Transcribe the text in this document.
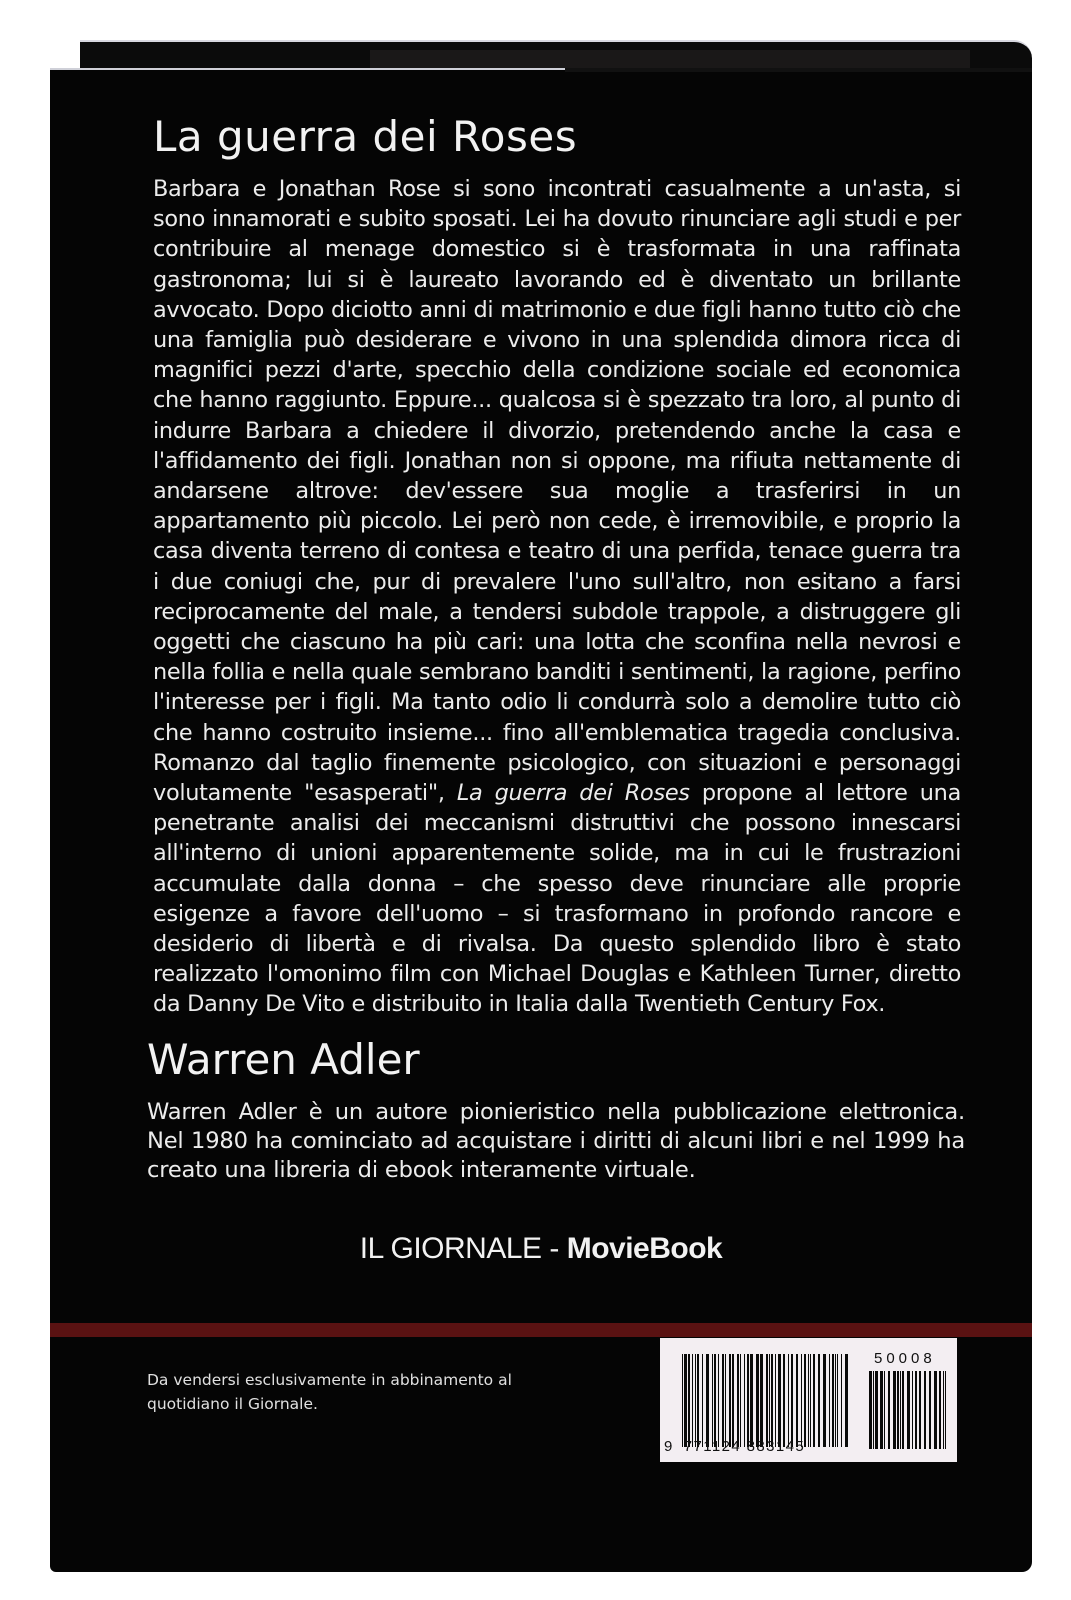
La guerra dei Roses

Barbara e Jonathan Rose si sono incontrati casualmente a un'asta, si sono innamorati e subito sposati. Lei ha dovuto rinunciare agli studi e per contribuire al menage domestico si è trasformata in una raffinata gastronoma; lui si è laureato lavorando ed è diventato un brillante avvocato. Dopo diciotto anni di matrimonio e due figli hanno tutto ciò che una famiglia può desiderare e vivono in una splendida dimora ricca di magnifici pezzi d'arte, specchio della condizione sociale ed economica che hanno raggiunto. Eppure... qualcosa si è spezzato tra loro, al punto di indurre Barbara a chiedere il divorzio, pretendendo anche la casa e l'affidamento dei figli. Jonathan non si oppone, ma rifiuta nettamente di andarsene altrove: dev'essere sua moglie a trasferirsi in un appartamento più piccolo. Lei però non cede, è irremovibile, e proprio la casa diventa terreno di contesa e teatro di una perfida, tenace guerra tra i due coniugi che, pur di prevalere l'uno sull'altro, non esitano a farsi reciprocamente del male, a tendersi subdole trappole, a distruggere gli oggetti che ciascuno ha più cari: una lotta che sconfina nella nevrosi e nella follia e nella quale sembrano banditi i sentimenti, la ragione, perfino l'interesse per i figli. Ma tanto odio li condurrà solo a demolire tutto ciò che hanno costruito insieme... fino all'emblematica tragedia conclusiva. Romanzo dal taglio finemente psicologico, con situazioni e personaggi volutamente "esasperati", La guerra dei Roses propone al lettore una penetrante analisi dei meccanismi distruttivi che possono innescarsi all'interno di unioni apparentemente solide, ma in cui le frustrazioni accumulate dalla donna – che spesso deve rinunciare alle proprie esigenze a favore dell'uomo – si trasformano in profondo rancore e desiderio di libertà e di rivalsa. Da questo splendido libro è stato realizzato l'omonimo film con Michael Douglas e Kathleen Turner, diretto da Danny De Vito e distribuito in Italia dalla Twentieth Century Fox.

Warren Adler

Warren Adler è un autore pionieristico nella pubblicazione elettronica. Nel 1980 ha cominciato ad acquistare i diritti di alcuni libri e nel 1999 ha creato una libreria di ebook interamente virtuale.

IL GIORNALE - MovieBook

Da vendersi esclusivamente in abbinamento al quotidiano il Giornale.

9 771124 883145
50008
